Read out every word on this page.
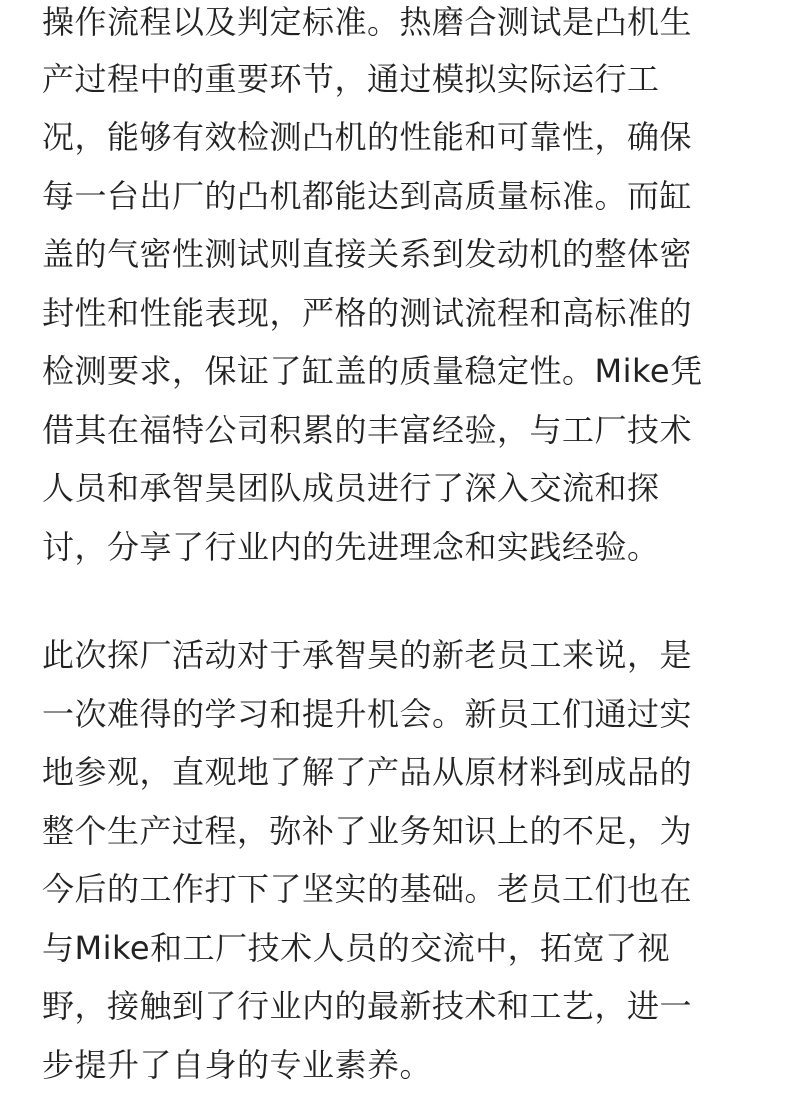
操作流程以及判定标准。热磨合测试是凸机生
产过程中的重要环节，通过模拟实际运行工
况，能够有效检测凸机的性能和可靠性，确保
每一台出厂的凸机都能达到高质量标准。而缸
盖的气密性测试则直接关系到发动机的整体密
封性和性能表现，严格的测试流程和高标准的
检测要求，保证了缸盖的质量稳定性。Mike凭
借其在福特公司积累的丰富经验，与工厂技术
人员和承智昊团队成员进行了深入交流和探
讨，分享了行业内的先进理念和实践经验。
此次探厂活动对于承智昊的新老员工来说，是
一次难得的学习和提升机会。新员工们通过实
地参观，直观地了解了产品从原材料到成品的
整个生产过程，弥补了业务知识上的不足，为
今后的工作打下了坚实的基础。老员工们也在
与Mike和工厂技术人员的交流中，拓宽了视
野，接触到了行业内的最新技术和工艺，进一
步提升了自身的专业素养。
